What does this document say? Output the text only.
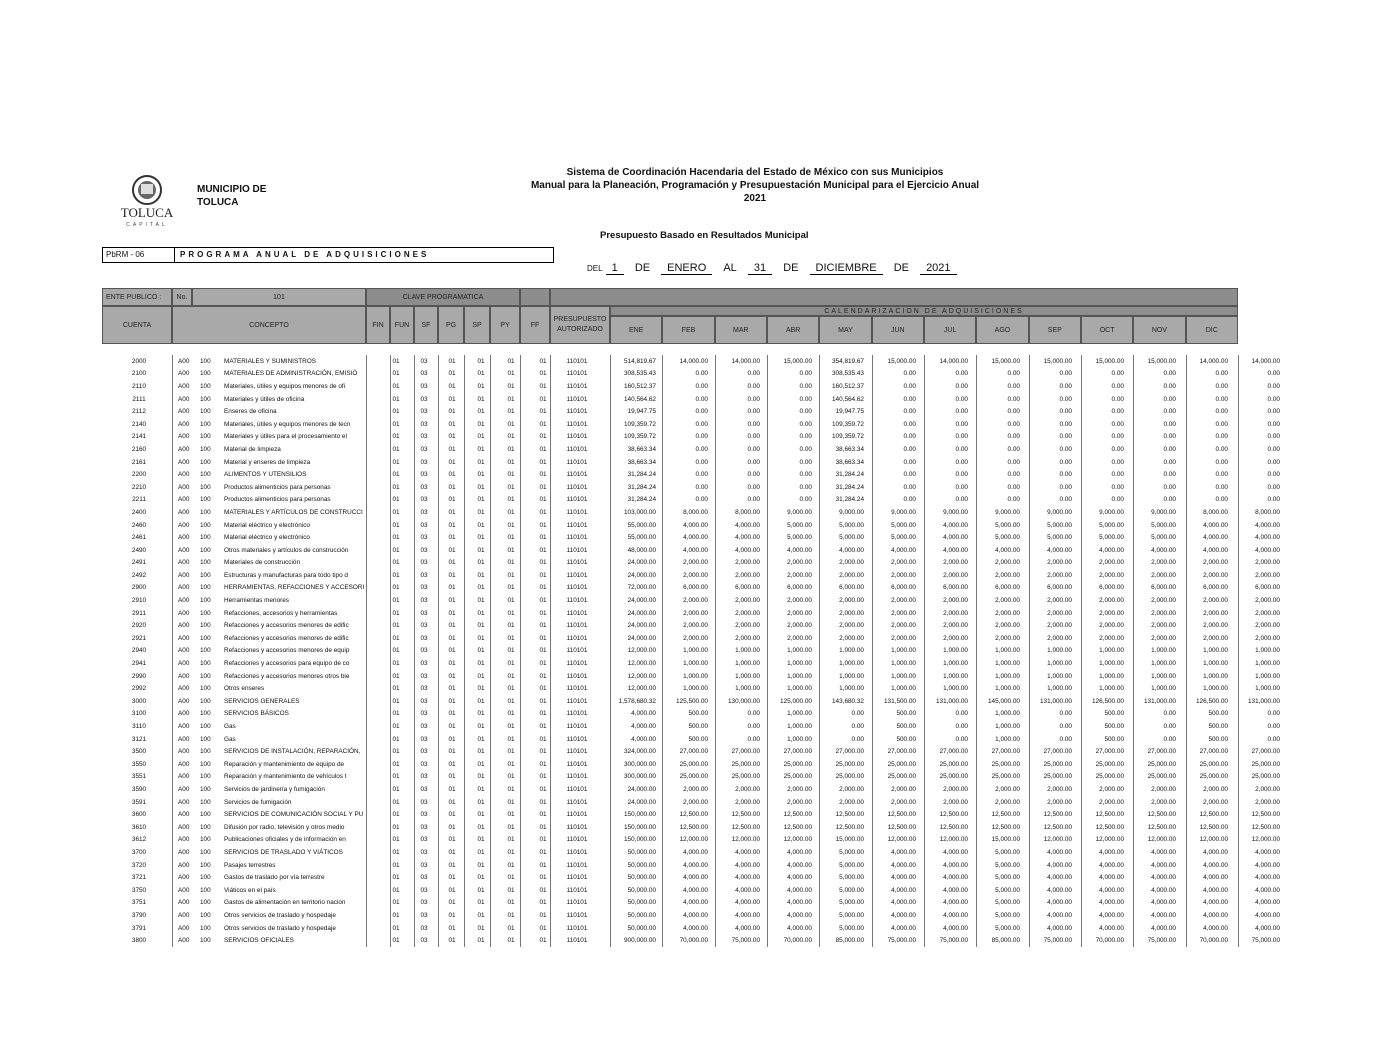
TOLUCA
CAPITAL
MUNICIPIO DE
TOLUCA
Sistema de Coordinación Hacendaria del Estado de México con sus Municipios
Manual para la Planeación, Programación y Presupuestación Municipal para el Ejercicio Anual 2021
Presupuesto Basado en Resultados Municipal
PbRM - 06	PROGRAMA ANUAL DE ADQUISICIONES
DEL 1 DE ENERO AL 31 DE DICIEMBRE DE 2021
ENTE PUBLICO :	No.	101	CLAVE PROGRAMATICA
CUENTA	CONCEPTO	FIN	FUN	SF	PG	SP	PY	FF
PRESUPUESTO AUTORIZADO
CALENDARIZACION DE ADQUISICIONES
ENE	FEB	MAR	ABR	MAY	JUN	JUL	AGO	SEP	OCT	NOV	DIC
2000	A00	100	MATERIALES Y SUMINISTROS	01	03	01	01	01	01	110101	514,819.67	14,000.00	14,000.00	15,000.00	354,819.67	15,000.00	14,000.00	15,000.00	15,000.00	15,000.00	15,000.00	14,000.00	14,000.00
2100	A00	100	MATERIALES DE ADMINISTRACIÓN, EMISIÓ	01	03	01	01	01	01	110101	308,535.43	0.00	0.00	0.00	308,535.43	0.00	0.00	0.00	0.00	0.00	0.00	0.00	0.00
2110	A00	100	Materiales, útiles y equipos menores de ofi	01	03	01	01	01	01	110101	160,512.37	0.00	0.00	0.00	160,512.37	0.00	0.00	0.00	0.00	0.00	0.00	0.00	0.00
2111	A00	100	Materiales y útiles de oficina	01	03	01	01	01	01	110101	140,564.62	0.00	0.00	0.00	140,564.62	0.00	0.00	0.00	0.00	0.00	0.00	0.00	0.00
2112	A00	100	Enseres de oficina	01	03	01	01	01	01	110101	19,947.75	0.00	0.00	0.00	19,947.75	0.00	0.00	0.00	0.00	0.00	0.00	0.00	0.00
2140	A00	100	Materiales, útiles y equipos menores de tecn	01	03	01	01	01	01	110101	109,359.72	0.00	0.00	0.00	109,359.72	0.00	0.00	0.00	0.00	0.00	0.00	0.00	0.00
2141	A00	100	Materiales y útiles para el procesamiento el	01	03	01	01	01	01	110101	109,359.72	0.00	0.00	0.00	109,359.72	0.00	0.00	0.00	0.00	0.00	0.00	0.00	0.00
2160	A00	100	Material de limpieza	01	03	01	01	01	01	110101	38,663.34	0.00	0.00	0.00	38,663.34	0.00	0.00	0.00	0.00	0.00	0.00	0.00	0.00
2161	A00	100	Material y enseres de limpieza	01	03	01	01	01	01	110101	38,663.34	0.00	0.00	0.00	38,663.34	0.00	0.00	0.00	0.00	0.00	0.00	0.00	0.00
2200	A00	100	ALIMENTOS Y UTENSILIOS	01	03	01	01	01	01	110101	31,284.24	0.00	0.00	0.00	31,284.24	0.00	0.00	0.00	0.00	0.00	0.00	0.00	0.00
2210	A00	100	Productos alimenticios para personas	01	03	01	01	01	01	110101	31,284.24	0.00	0.00	0.00	31,284.24	0.00	0.00	0.00	0.00	0.00	0.00	0.00	0.00
2211	A00	100	Productos alimenticios para personas	01	03	01	01	01	01	110101	31,284.24	0.00	0.00	0.00	31,284.24	0.00	0.00	0.00	0.00	0.00	0.00	0.00	0.00
2400	A00	100	MATERIALES Y ARTÍCULOS DE CONSTRUCCI	01	03	01	01	01	01	110101	103,000.00	8,000.00	8,000.00	9,000.00	9,000.00	9,000.00	9,000.00	9,000.00	9,000.00	9,000.00	9,000.00	8,000.00	8,000.00
2460	A00	100	Material eléctrico y electrónico	01	03	01	01	01	01	110101	55,000.00	4,000.00	4,000.00	5,000.00	5,000.00	5,000.00	4,000.00	5,000.00	5,000.00	5,000.00	5,000.00	4,000.00	4,000.00
2461	A00	100	Material eléctrico y electrónico	01	03	01	01	01	01	110101	55,000.00	4,000.00	4,000.00	5,000.00	5,000.00	5,000.00	4,000.00	5,000.00	5,000.00	5,000.00	5,000.00	4,000.00	4,000.00
2490	A00	100	Otros materiales y artículos de construcción	01	03	01	01	01	01	110101	48,000.00	4,000.00	4,000.00	4,000.00	4,000.00	4,000.00	4,000.00	4,000.00	4,000.00	4,000.00	4,000.00	4,000.00	4,000.00
2491	A00	100	Materiales de construcción	01	03	01	01	01	01	110101	24,000.00	2,000.00	2,000.00	2,000.00	2,000.00	2,000.00	2,000.00	2,000.00	2,000.00	2,000.00	2,000.00	2,000.00	2,000.00
2492	A00	100	Estructuras y manufacturas para todo tipo d	01	03	01	01	01	01	110101	24,000.00	2,000.00	2,000.00	2,000.00	2,000.00	2,000.00	2,000.00	2,000.00	2,000.00	2,000.00	2,000.00	2,000.00	2,000.00
2900	A00	100	HERRAMIENTAS, REFACCIONES Y ACCESORI	01	03	01	01	01	01	110101	72,000.00	6,000.00	6,000.00	6,000.00	6,000.00	6,000.00	6,000.00	6,000.00	6,000.00	6,000.00	6,000.00	6,000.00	6,000.00
2910	A00	100	Herramientas menores	01	03	01	01	01	01	110101	24,000.00	2,000.00	2,000.00	2,000.00	2,000.00	2,000.00	2,000.00	2,000.00	2,000.00	2,000.00	2,000.00	2,000.00	2,000.00
2911	A00	100	Refacciones, accesorios y herramientas	01	03	01	01	01	01	110101	24,000.00	2,000.00	2,000.00	2,000.00	2,000.00	2,000.00	2,000.00	2,000.00	2,000.00	2,000.00	2,000.00	2,000.00	2,000.00
2920	A00	100	Refacciones y accesorios menores de edific	01	03	01	01	01	01	110101	24,000.00	2,000.00	2,000.00	2,000.00	2,000.00	2,000.00	2,000.00	2,000.00	2,000.00	2,000.00	2,000.00	2,000.00	2,000.00
2921	A00	100	Refacciones y accesorios menores de edific	01	03	01	01	01	01	110101	24,000.00	2,000.00	2,000.00	2,000.00	2,000.00	2,000.00	2,000.00	2,000.00	2,000.00	2,000.00	2,000.00	2,000.00	2,000.00
2940	A00	100	Refacciones y accesorios menores de equip	01	03	01	01	01	01	110101	12,000.00	1,000.00	1,000.00	1,000.00	1,000.00	1,000.00	1,000.00	1,000.00	1,000.00	1,000.00	1,000.00	1,000.00	1,000.00
2941	A00	100	Refacciones y accesorios para equipo de co	01	03	01	01	01	01	110101	12,000.00	1,000.00	1,000.00	1,000.00	1,000.00	1,000.00	1,000.00	1,000.00	1,000.00	1,000.00	1,000.00	1,000.00	1,000.00
2990	A00	100	Refacciones y accesorios menores otros bie	01	03	01	01	01	01	110101	12,000.00	1,000.00	1,000.00	1,000.00	1,000.00	1,000.00	1,000.00	1,000.00	1,000.00	1,000.00	1,000.00	1,000.00	1,000.00
2992	A00	100	Otros enseres	01	03	01	01	01	01	110101	12,000.00	1,000.00	1,000.00	1,000.00	1,000.00	1,000.00	1,000.00	1,000.00	1,000.00	1,000.00	1,000.00	1,000.00	1,000.00
3000	A00	100	SERVICIOS GENERALES	01	03	01	01	01	01	110101	1,578,680.32	125,500.00	130,000.00	125,000.00	143,680.32	131,500.00	131,000.00	145,000.00	131,000.00	126,500.00	131,000.00	126,500.00	131,000.00
3100	A00	100	SERVICIOS BÁSICOS	01	03	01	01	01	01	110101	4,000.00	500.00	0.00	1,000.00	0.00	500.00	0.00	1,000.00	0.00	500.00	0.00	500.00	0.00
3110	A00	100	Gas	01	03	01	01	01	01	110101	4,000.00	500.00	0.00	1,000.00	0.00	500.00	0.00	1,000.00	0.00	500.00	0.00	500.00	0.00
3121	A00	100	Gas	01	03	01	01	01	01	110101	4,000.00	500.00	0.00	1,000.00	0.00	500.00	0.00	1,000.00	0.00	500.00	0.00	500.00	0.00
3500	A00	100	SERVICIOS DE INSTALACIÓN, REPARACIÓN,	01	03	01	01	01	01	110101	324,000.00	27,000.00	27,000.00	27,000.00	27,000.00	27,000.00	27,000.00	27,000.00	27,000.00	27,000.00	27,000.00	27,000.00	27,000.00
3550	A00	100	Reparación y mantenimiento de equipo de	01	03	01	01	01	01	110101	300,000.00	25,000.00	25,000.00	25,000.00	25,000.00	25,000.00	25,000.00	25,000.00	25,000.00	25,000.00	25,000.00	25,000.00	25,000.00
3551	A00	100	Reparación y mantenimiento de vehículos t	01	03	01	01	01	01	110101	300,000.00	25,000.00	25,000.00	25,000.00	25,000.00	25,000.00	25,000.00	25,000.00	25,000.00	25,000.00	25,000.00	25,000.00	25,000.00
3590	A00	100	Servicios de jardinería y fumigación	01	03	01	01	01	01	110101	24,000.00	2,000.00	2,000.00	2,000.00	2,000.00	2,000.00	2,000.00	2,000.00	2,000.00	2,000.00	2,000.00	2,000.00	2,000.00
3591	A00	100	Servicios de fumigación	01	03	01	01	01	01	110101	24,000.00	2,000.00	2,000.00	2,000.00	2,000.00	2,000.00	2,000.00	2,000.00	2,000.00	2,000.00	2,000.00	2,000.00	2,000.00
3600	A00	100	SERVICIOS DE COMUNICACIÓN SOCIAL Y PU	01	03	01	01	01	01	110101	150,000.00	12,500.00	12,500.00	12,500.00	12,500.00	12,500.00	12,500.00	12,500.00	12,500.00	12,500.00	12,500.00	12,500.00	12,500.00
3610	A00	100	Difusión por radio, televisión y otros medio	01	03	01	01	01	01	110101	150,000.00	12,500.00	12,500.00	12,500.00	12,500.00	12,500.00	12,500.00	12,500.00	12,500.00	12,500.00	12,500.00	12,500.00	12,500.00
3612	A00	100	Publicaciones oficiales y de información en	01	03	01	01	01	01	110101	150,000.00	12,000.00	12,000.00	12,000.00	15,000.00	12,000.00	12,000.00	15,000.00	12,000.00	12,000.00	12,000.00	12,000.00	12,000.00
3700	A00	100	SERVICIOS DE TRASLADO Y VIÁTICOS	01	03	01	01	01	01	110101	50,000.00	4,000.00	4,000.00	4,000.00	5,000.00	4,000.00	4,000.00	5,000.00	4,000.00	4,000.00	4,000.00	4,000.00	4,000.00
3720	A00	100	Pasajes terrestres	01	03	01	01	01	01	110101	50,000.00	4,000.00	4,000.00	4,000.00	5,000.00	4,000.00	4,000.00	5,000.00	4,000.00	4,000.00	4,000.00	4,000.00	4,000.00
3721	A00	100	Gastos de traslado por vía terrestre	01	03	01	01	01	01	110101	50,000.00	4,000.00	4,000.00	4,000.00	5,000.00	4,000.00	4,000.00	5,000.00	4,000.00	4,000.00	4,000.00	4,000.00	4,000.00
3750	A00	100	Viáticos en el país	01	03	01	01	01	01	110101	50,000.00	4,000.00	4,000.00	4,000.00	5,000.00	4,000.00	4,000.00	5,000.00	4,000.00	4,000.00	4,000.00	4,000.00	4,000.00
3751	A00	100	Gastos de alimentación en territorio nacion	01	03	01	01	01	01	110101	50,000.00	4,000.00	4,000.00	4,000.00	5,000.00	4,000.00	4,000.00	5,000.00	4,000.00	4,000.00	4,000.00	4,000.00	4,000.00
3790	A00	100	Otros servicios de traslado y hospedaje	01	03	01	01	01	01	110101	50,000.00	4,000.00	4,000.00	4,000.00	5,000.00	4,000.00	4,000.00	5,000.00	4,000.00	4,000.00	4,000.00	4,000.00	4,000.00
3791	A00	100	Otros servicios de traslado y hospedaje	01	03	01	01	01	01	110101	50,000.00	4,000.00	4,000.00	4,000.00	5,000.00	4,000.00	4,000.00	5,000.00	4,000.00	4,000.00	4,000.00	4,000.00	4,000.00
3800	A00	100	SERVICIOS OFICIALES	01	03	01	01	01	01	110101	900,000.00	70,000.00	75,000.00	70,000.00	85,000.00	75,000.00	75,000.00	85,000.00	75,000.00	70,000.00	75,000.00	70,000.00	75,000.00
